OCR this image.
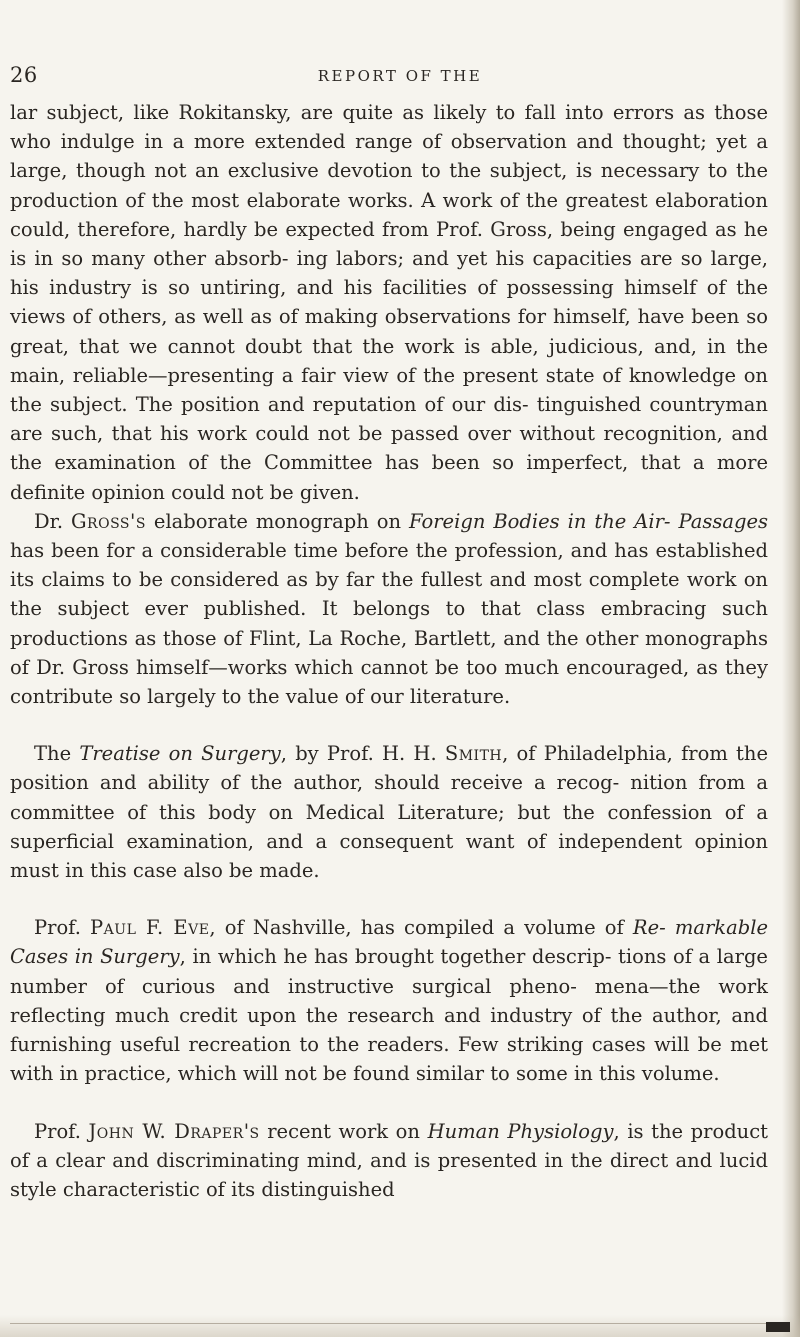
26	REPORT OF THE

lar subject, like Rokitansky, are quite as likely to fall into errors as those who indulge in a more extended range of observation and thought; yet a large, though not an exclusive devotion to the subject, is necessary to the production of the most elaborate works. A work of the greatest elaboration could, therefore, hardly be expected from Prof. Gross, being engaged as he is in so many other absorb- ing labors; and yet his capacities are so large, his industry is so untiring, and his facilities of possessing himself of the views of others, as well as of making observations for himself, have been so great, that we cannot doubt that the work is able, judicious, and, in the main, reliable—presenting a fair view of the present state of knowledge on the subject. The position and reputation of our dis- tinguished countryman are such, that his work could not be passed over without recognition, and the examination of the Committee has been so imperfect, that a more definite opinion could not be given.

Dr. Gross's elaborate monograph on Foreign Bodies in the Air- Passages has been for a considerable time before the profession, and has established its claims to be considered as by far the fullest and most complete work on the subject ever published. It belongs to that class embracing such productions as those of Flint, La Roche, Bartlett, and the other monographs of Dr. Gross himself—works which cannot be too much encouraged, as they contribute so largely to the value of our literature.

The Treatise on Surgery, by Prof. H. H. Smith, of Philadelphia, from the position and ability of the author, should receive a recog- nition from a committee of this body on Medical Literature; but the confession of a superficial examination, and a consequent want of independent opinion must in this case also be made.

Prof. Paul F. Eve, of Nashville, has compiled a volume of Re- markable Cases in Surgery, in which he has brought together descrip- tions of a large number of curious and instructive surgical pheno- mena—the work reflecting much credit upon the research and industry of the author, and furnishing useful recreation to the readers. Few striking cases will be met with in practice, which will not be found similar to some in this volume.

Prof. John W. Draper's recent work on Human Physiology, is the product of a clear and discriminating mind, and is presented in the direct and lucid style characteristic of its distinguished
